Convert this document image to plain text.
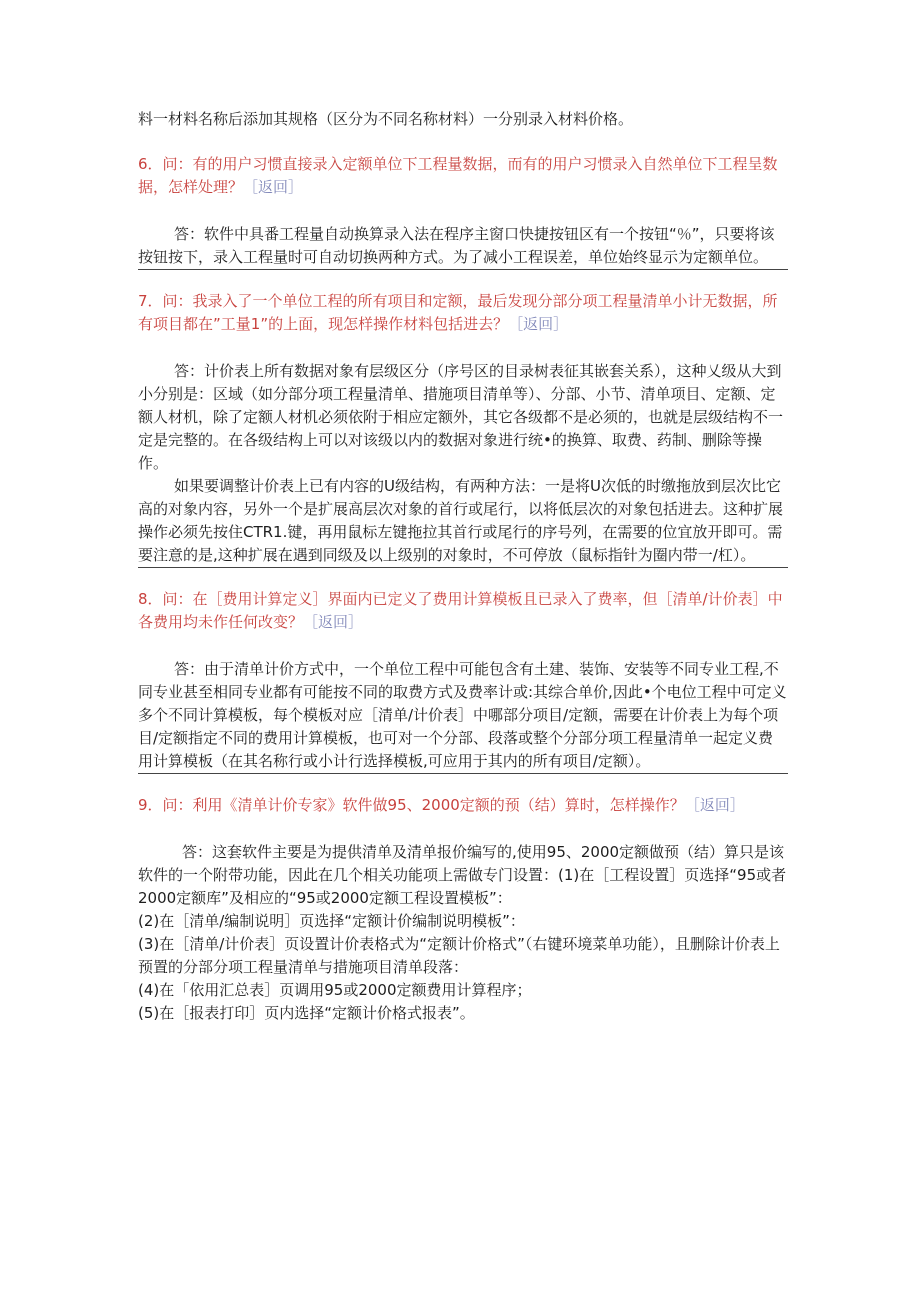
料一材料名称后添加其规格（区分为不同名称材料）一分别录入材料价格。

6．问：有的用户习惯直接录入定额单位下工程量数据，而有的用户习惯录入自然单位下工程呈数据，怎样处理？［返回］

答：软件中具番工程量自动换算录入法在程序主窗口快捷按钮区有一个按钮“％”，只要将该按钮按下，录入工程量时可自动切换两种方式。为了减小工程误差，单位始终显示为定额单位。

7．问：我录入了一个单位工程的所有项目和定额，最后发现分部分项工程量清单小计无数据，所有项目都在”工量1”的上面，现怎样操作材料包括进去？［返回］

答：计价表上所有数据对象有层级区分（序号区的目录树表征其嵌套关系），这种乂级从大到小分别是：区域（如分部分项工程量清单、措施项目清单等）、分部、小节、清单项目、定额、定额人材机，除了定额人材机必须依附于相应定额外，其它各级都不是必须的，也就是层级结构不一定是完整的。在各级结构上可以对该级以内的数据对象进行统•的换算、取费、药制、删除等操作。

如果要调整计价表上已有内容的U级结构，有两种方法：一是将U次低的时缴拖放到层次比它高的对象内容，另外一个是扩展高层次对象的首行或尾行，以将低层次的对象包括进去。这种扩展操作必须先按住CTR1.键，再用鼠标左键拖拉其首行或尾行的序号列，在需要的位宜放开即可。需要注意的是,这种扩展在遇到同级及以上级别的对象时，不可停放（鼠标指针为圈内带一/杠）。

8．问：在［费用计算定义］界面内已定义了费用计算模板且已录入了费率，但［清单/计价表］中各费用均未作任何改变？［返回］

答：由于清单计价方式中，一个单位工程中可能包含有土建、装饰、安装等不同专业工程,不同专业甚至相同专业都有可能按不同的取费方式及费率计或:其综合单价,因此•个电位工程中可定义多个不同计算模板，每个模板对应［清单/计价表］中哪部分项目/定额，需要在计价表上为每个项目/定额指定不同的费用计算模板，也可对一个分部、段落或整个分部分项工程量清单一起定义费用计算模板（在其名称行或小计行选择模板,可应用于其内的所有项目/定额）。

9．问：利用《清单计价专家》软件做95、2000定额的预（结）算时，怎样操作？［返回］

答：这套软件主要是为提供清单及清单报价编写的,使用95、2000定额做预（结）算只是该软件的一个附带功能，因此在几个相关功能项上需做专门设置：(1)在［工程设置］页选择“95或者2000定额库”及相应的“95或2000定额工程设置模板”：

(2)在［清单/编制说明］页选择“定额计价编制说明模板”：
(3)在［清单/计价表］页设置计价表格式为“定额计价格式”（右键环境菜单功能），且删除计价表上预置的分部分项工程量清单与措施项目清单段落：
(4)在「依用汇总表］页调用95或2000定额费用计算程序；
(5)在［报表打印］页内选择“定额计价格式报表”。
